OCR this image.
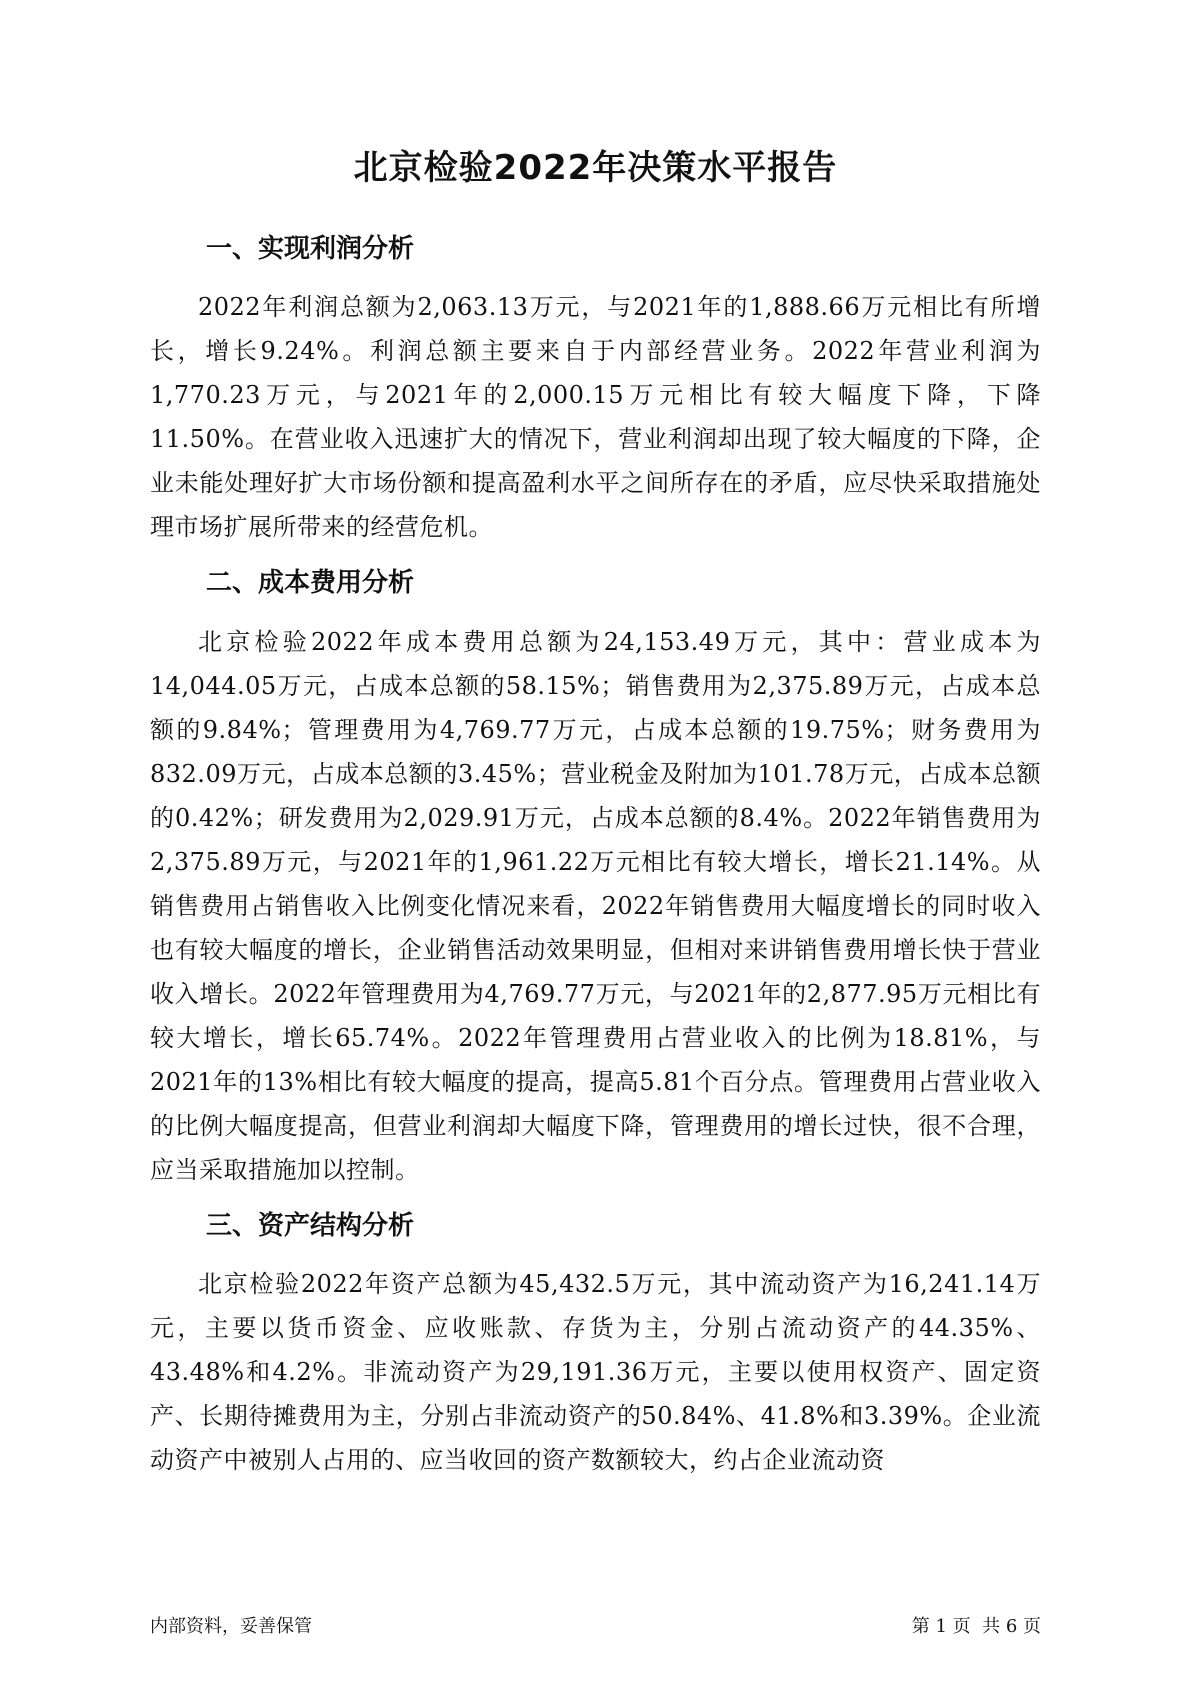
北京检验2022年决策水平报告
一、实现利润分析

2022年利润总额为2,063.13万元，与2021年的1,888.66万元相比有所增长，增长9.24%。利润总额主要来自于内部经营业务。2022年营业利润为1,770.23万元，与2021年的2,000.15万元相比有较大幅度下降，下降11.50%。在营业收入迅速扩大的情况下，营业利润却出现了较大幅度的下降，企业未能处理好扩大市场份额和提高盈利水平之间所存在的矛盾，应尽快采取措施处理市场扩展所带来的经营危机。

二、成本费用分析

北京检验2022年成本费用总额为24,153.49万元，其中：营业成本为14,044.05万元，占成本总额的58.15%；销售费用为2,375.89万元，占成本总额的9.84%；管理费用为4,769.77万元，占成本总额的19.75%；财务费用为832.09万元，占成本总额的3.45%；营业税金及附加为101.78万元，占成本总额的0.42%；研发费用为2,029.91万元，占成本总额的8.4%。2022年销售费用为2,375.89万元，与2021年的1,961.22万元相比有较大增长，增长21.14%。从销售费用占销售收入比例变化情况来看，2022年销售费用大幅度增长的同时收入也有较大幅度的增长，企业销售活动效果明显，但相对来讲销售费用增长快于营业收入增长。2022年管理费用为4,769.77万元，与2021年的2,877.95万元相比有较大增长，增长65.74%。2022年管理费用占营业收入的比例为18.81%，与2021年的13%相比有较大幅度的提高，提高5.81个百分点。管理费用占营业收入的比例大幅度提高，但营业利润却大幅度下降，管理费用的增长过快，很不合理，应当采取措施加以控制。

三、资产结构分析

北京检验2022年资产总额为45,432.5万元，其中流动资产为16,241.14万元，主要以货币资金、应收账款、存货为主，分别占流动资产的44.35%、43.48%和4.2%。非流动资产为29,191.36万元，主要以使用权资产、固定资产、长期待摊费用为主，分别占非流动资产的50.84%、41.8%和3.39%。企业流动资产中被别人占用的、应当收回的资产数额较大，约占企业流动资

内部资料，妥善保管	第 1 页  共 6 页
